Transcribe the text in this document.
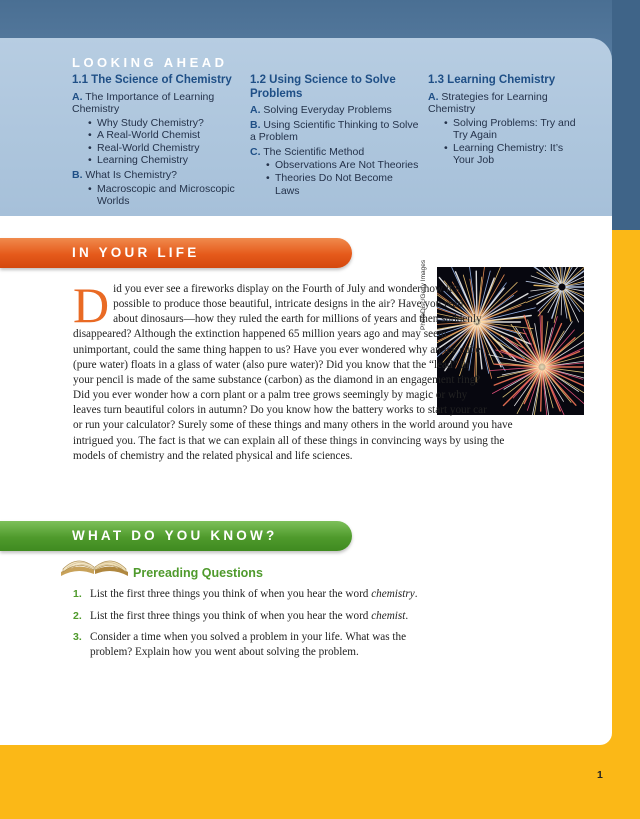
LOOKING AHEAD
1.1 The Science of Chemistry
A. The Importance of Learning Chemistry
• Why Study Chemistry?
• A Real-World Chemist
• Real-World Chemistry
• Learning Chemistry
B. What Is Chemistry?
• Macroscopic and Microscopic Worlds
1.2 Using Science to Solve Problems
A. Solving Everyday Problems
B. Using Scientific Thinking to Solve a Problem
C. The Scientific Method
• Observations Are Not Theories
• Theories Do Not Become Laws
1.3 Learning Chemistry
A. Strategies for Learning Chemistry
• Solving Problems: Try and Try Again
• Learning Chemistry: It’s Your Job
IN YOUR LIFE
PhotoDisc/Getty Images
D id you ever see a fireworks display on the Fourth of July and wonder how it’s possible to produce those beautiful, intricate designs in the air? Have you read about dinosaurs—how they ruled the earth for millions of years and then suddenly disappeared? Although the extinction happened 65 million years ago and may seem unimportant, could the same thing happen to us? Have you ever wondered why an ice cube (pure water) floats in a glass of water (also pure water)? Did you know that the “lead” in your pencil is made of the same substance (carbon) as the diamond in an engagement ring? Did you ever wonder how a corn plant or a palm tree grows seemingly by magic or why leaves turn beautiful colors in autumn? Do you know how the battery works to start your car or run your calculator? Surely some of these things and many others in the world around you have intrigued you. The fact is that we can explain all of these things in convincing ways by using the models of chemistry and the related physical and life sciences.
WHAT DO YOU KNOW?
Prereading Questions
1. List the first three things you think of when you hear the word chemistry.
2. List the first three things you think of when you hear the word chemist.
3. Consider a time when you solved a problem in your life. What was the problem? Explain how you went about solving the problem.
1
